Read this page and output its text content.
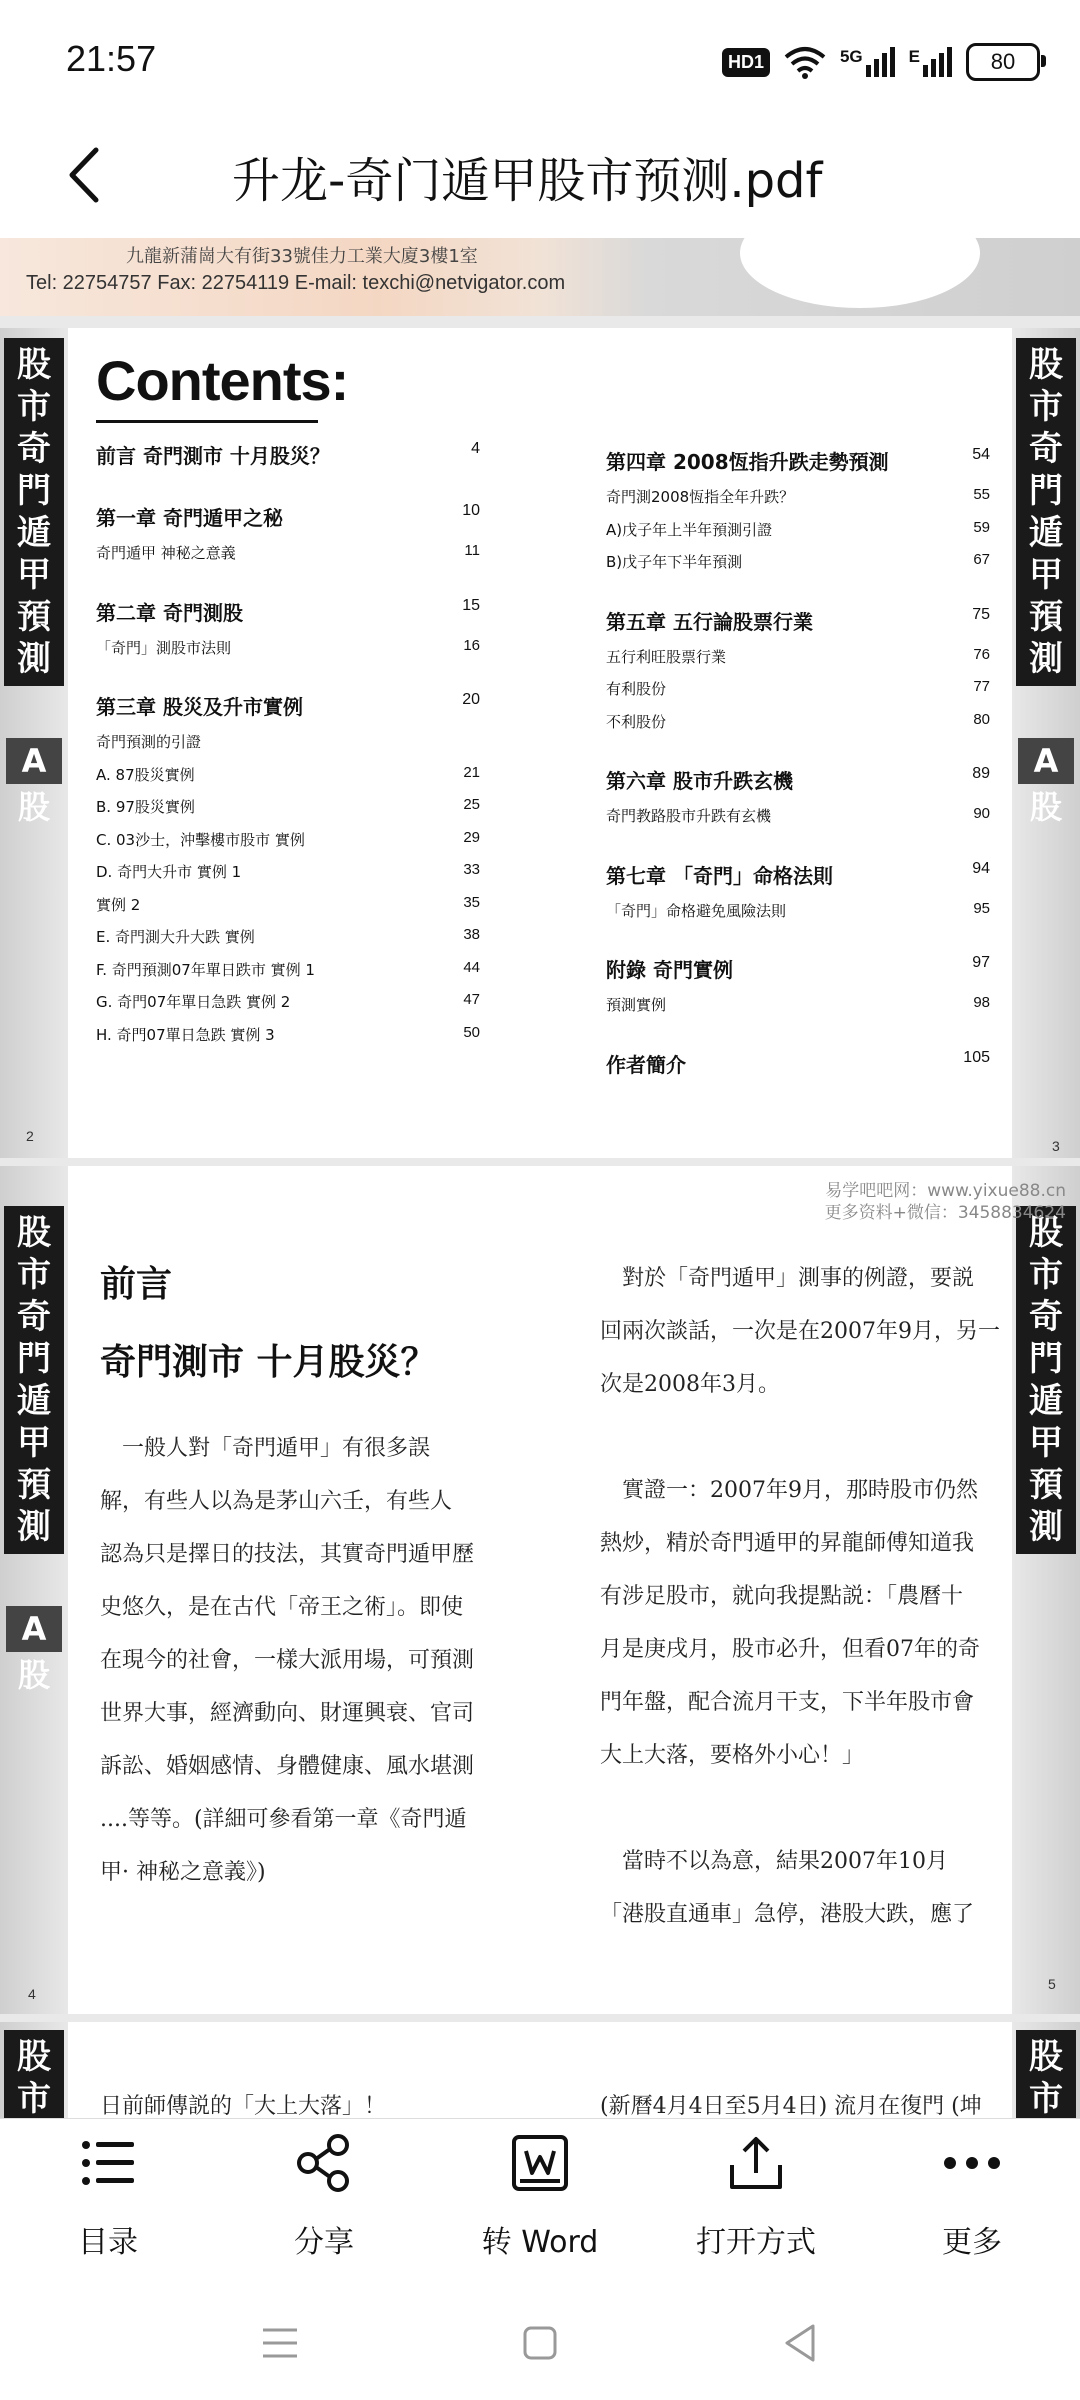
21:57	HD1	5G	E	80
升龙-奇门遁甲股市预测.pdf
九龍新蒲崗大有街33號佳力工業大廈3樓1室
Tel: 22754757 Fax: 22754119 E-mail: texchi@netvigator.com
股
市
奇
門
遁
甲
預
測
A股
股
市
奇
門
遁
甲
預
測
A股
Contents:
前言 奇門測市 十月股災？	4
第一章 奇門遁甲之秘	10
奇門遁甲 神秘之意義	11
第二章 奇門測股	15
「奇門」測股市法則	16
第三章 股災及升市實例	20
奇門預測的引證
A. 87股災實例	21
B. 97股災實例	25
C. 03沙士，沖擊樓市股市 實例	29
D. 奇門大升市 實例 1	33
實例 2	35
E. 奇門測大升大跌 實例	38
F. 奇門預測07年單日跌市 實例 1	44
G. 奇門07年單日急跌 實例 2	47
H. 奇門07單日急跌 實例 3	50
第四章 2008恆指升跌走勢預測	54
奇門測2008恆指全年升跌？	55
A)戊子年上半年預測引證	59
B)戊子年下半年預測	67
第五章 五行論股票行業	75
五行利旺股票行業	76
有利股份	77
不利股份	80
第六章 股市升跌玄機	89
奇門教路股市升跌有玄機	90
第七章 「奇門」命格法則	94
「奇門」命格避免風險法則	95
附錄 奇門實例	97
預測實例	98
作者簡介	105
2
3
股
市
奇
門
遁
甲
預
測
A股
股
市
奇
門
遁
甲
預
測
易学吧吧网：www.yixue88.cn
更多资料+微信：3458834624
前言
奇門測市 十月股災？
　一般人對「奇門遁甲」有很多誤
解，有些人以為是茅山六壬，有些人
認為只是擇日的技法，其實奇門遁甲歷
史悠久，是在古代「帝王之術」。即使
在現今的社會，一樣大派用場，可預測
世界大事，經濟動向、財運興衰、官司
訴訟、婚姻感情、身體健康、風水堪測
....等等。(詳細可參看第一章《奇門遁
甲· 神秘之意義》)
　對於「奇門遁甲」測事的例證，要説
回兩次談話，一次是在2007年9月，另一
次是2008年3月。
　實證一：2007年9月，那時股市仍然
熱炒，精於奇門遁甲的昇龍師傅知道我
有涉足股市，就向我提點説：「農曆十
月是庚戌月，股市必升，但看07年的奇
門年盤，配合流月干支，下半年股市會
大上大落，要格外小心！」
　當時不以為意，結果2007年10月
「港股直通車」急停，港股大跌，應了
4
5
股
市
股
市
日前師傳説的「大上大落」！	(新曆4月4日至5月4日) 流月在復門 (坤
目录	分享	转 Word	打开方式	更多
